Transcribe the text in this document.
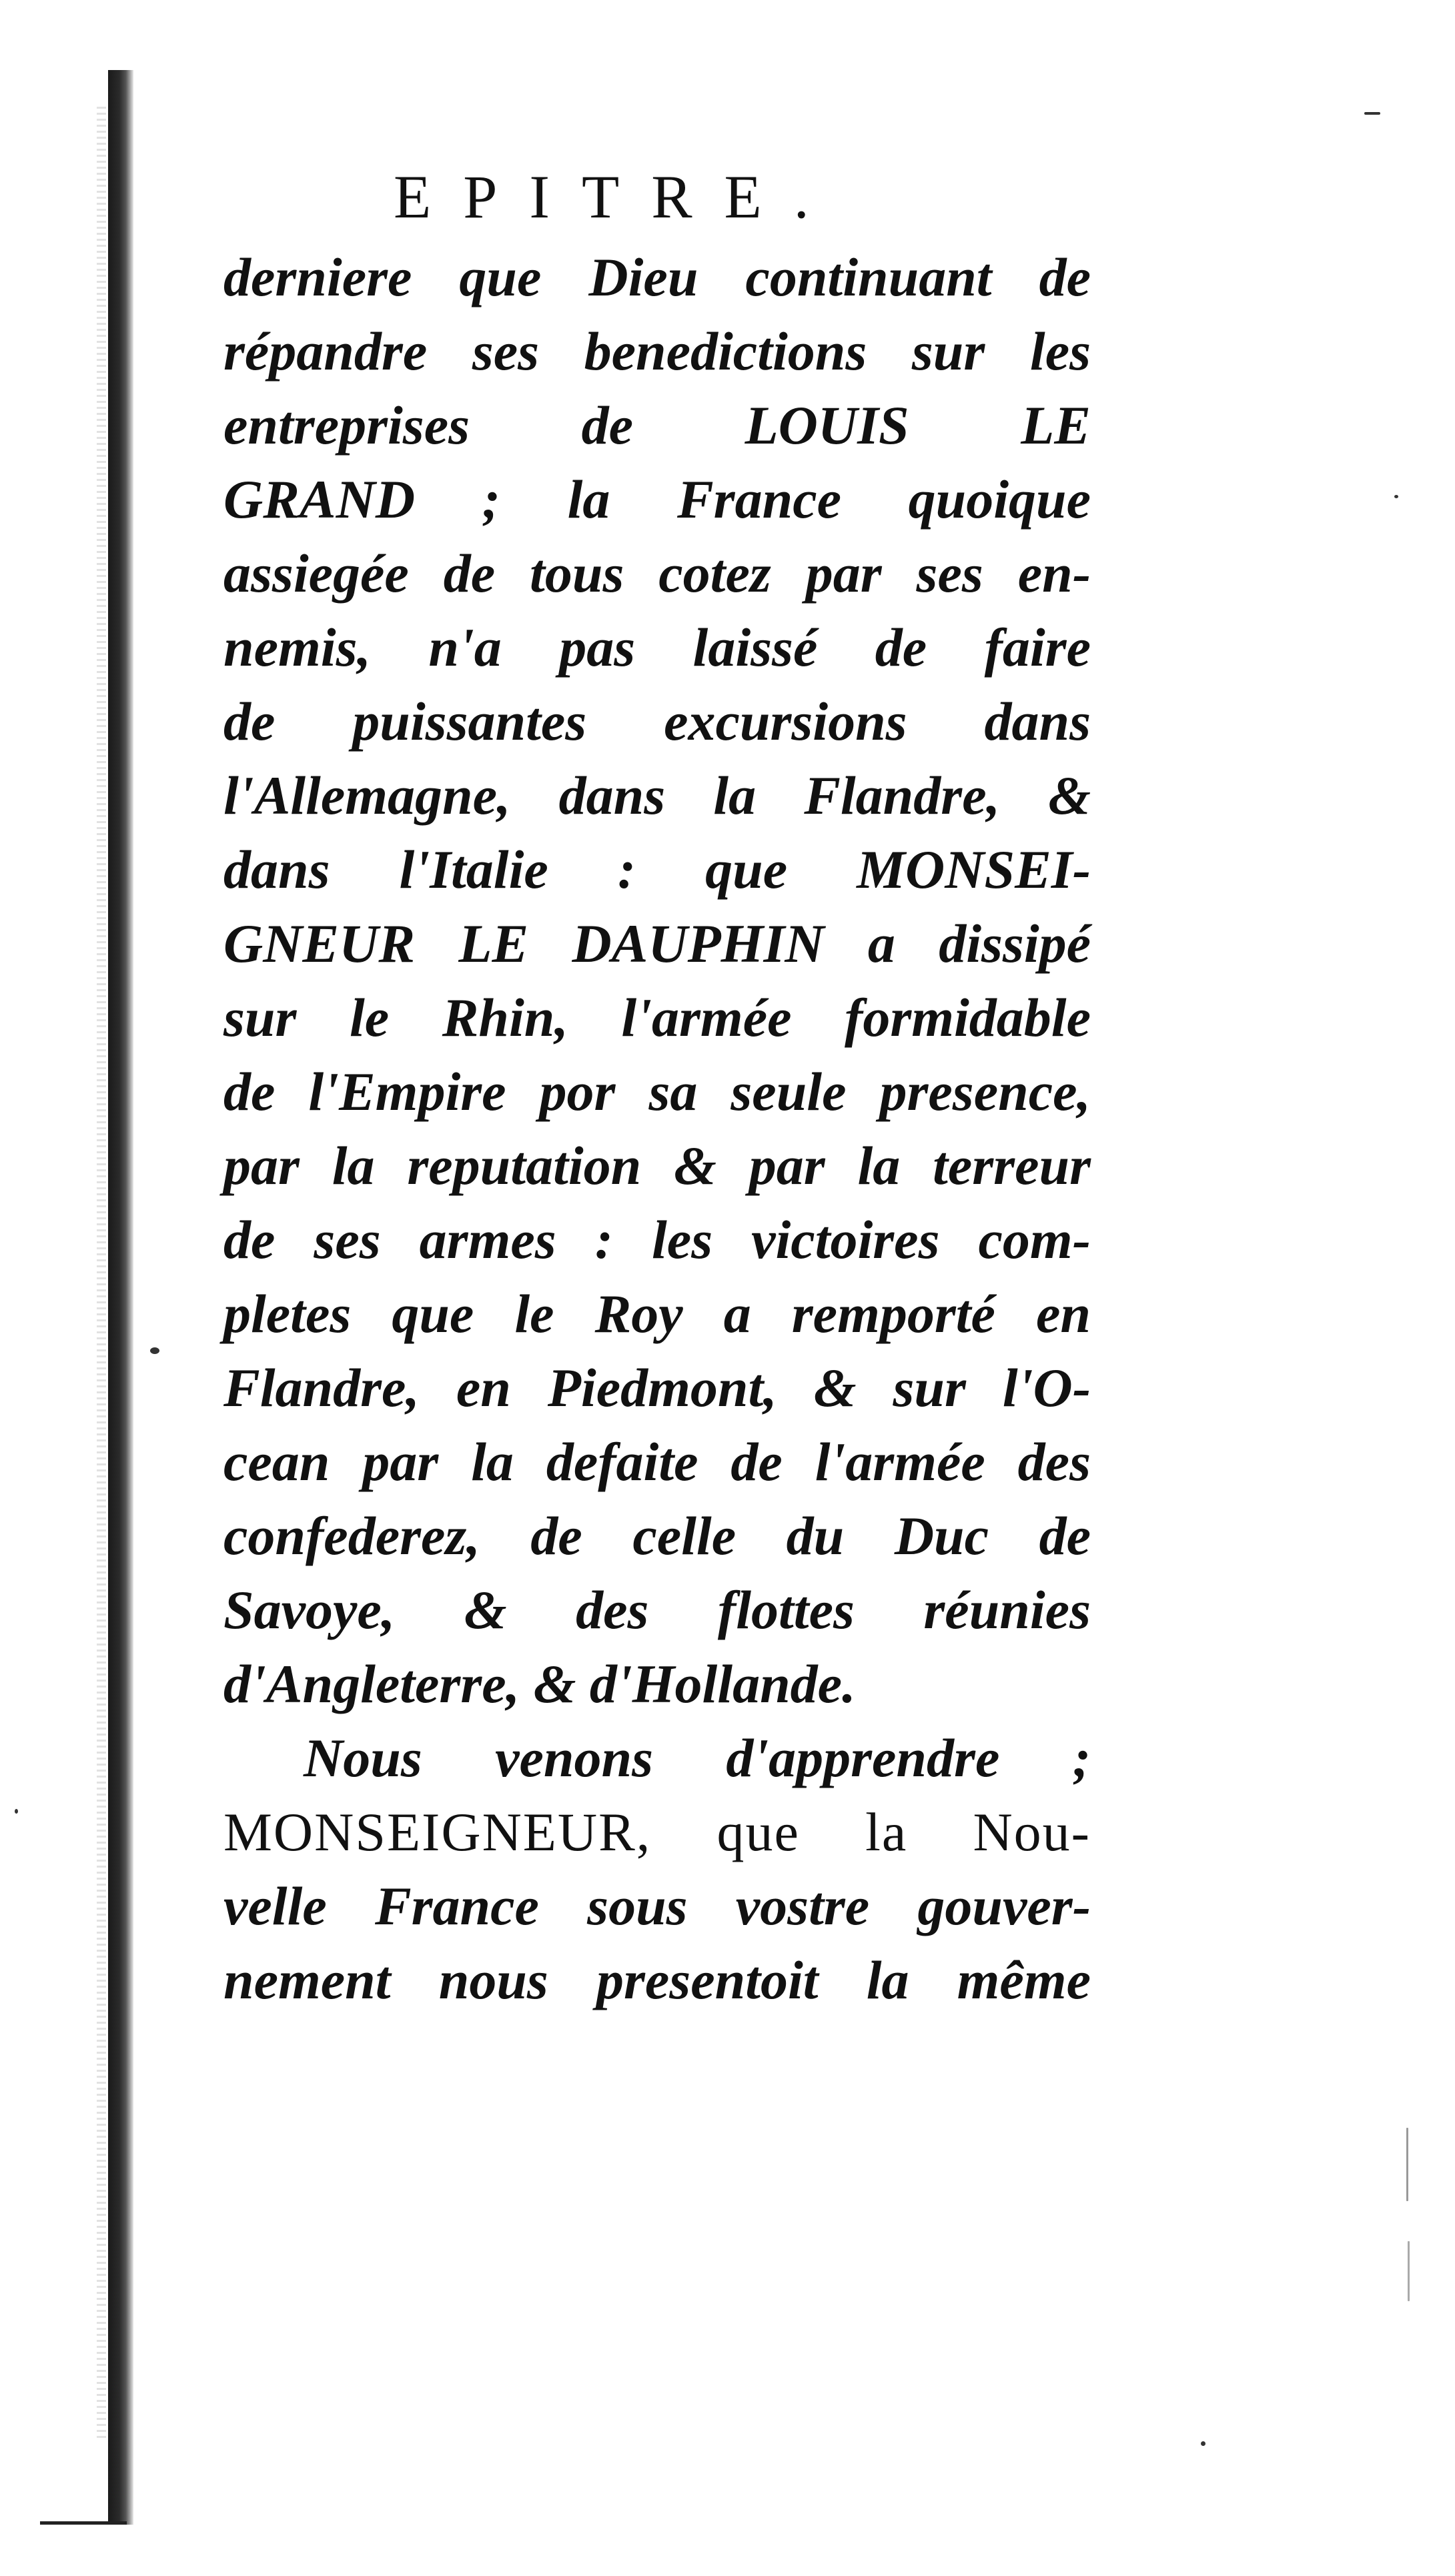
EPITRE.
derniere que Dieu continuant de
répandre ses benedictions sur les
entreprises de LOUIS LE
GRAND ; la France quoique
assiegée de tous cotez par ses en-
nemis, n'a pas laissé de faire
de puissantes excursions dans
l'Allemagne, dans la Flandre, &
dans l'Italie : que MONSEI-
GNEUR LE DAUPHIN a dissipé
sur le Rhin, l'armée formidable
de l'Empire por sa seule presence,
par la reputation & par la terreur
de ses armes : les victoires com-
pletes que le Roy a remporté en
Flandre, en Piedmont, & sur l'O-
cean par la defaite de l'armée des
confederez, de celle du Duc de
Savoye, & des flottes réunies
d'Angleterre, & d'Hollande.
Nous venons d'apprendre ;
MONSEIGNEUR, que la Nou-
velle France sous vostre gouver-
nement nous presentoit la même
